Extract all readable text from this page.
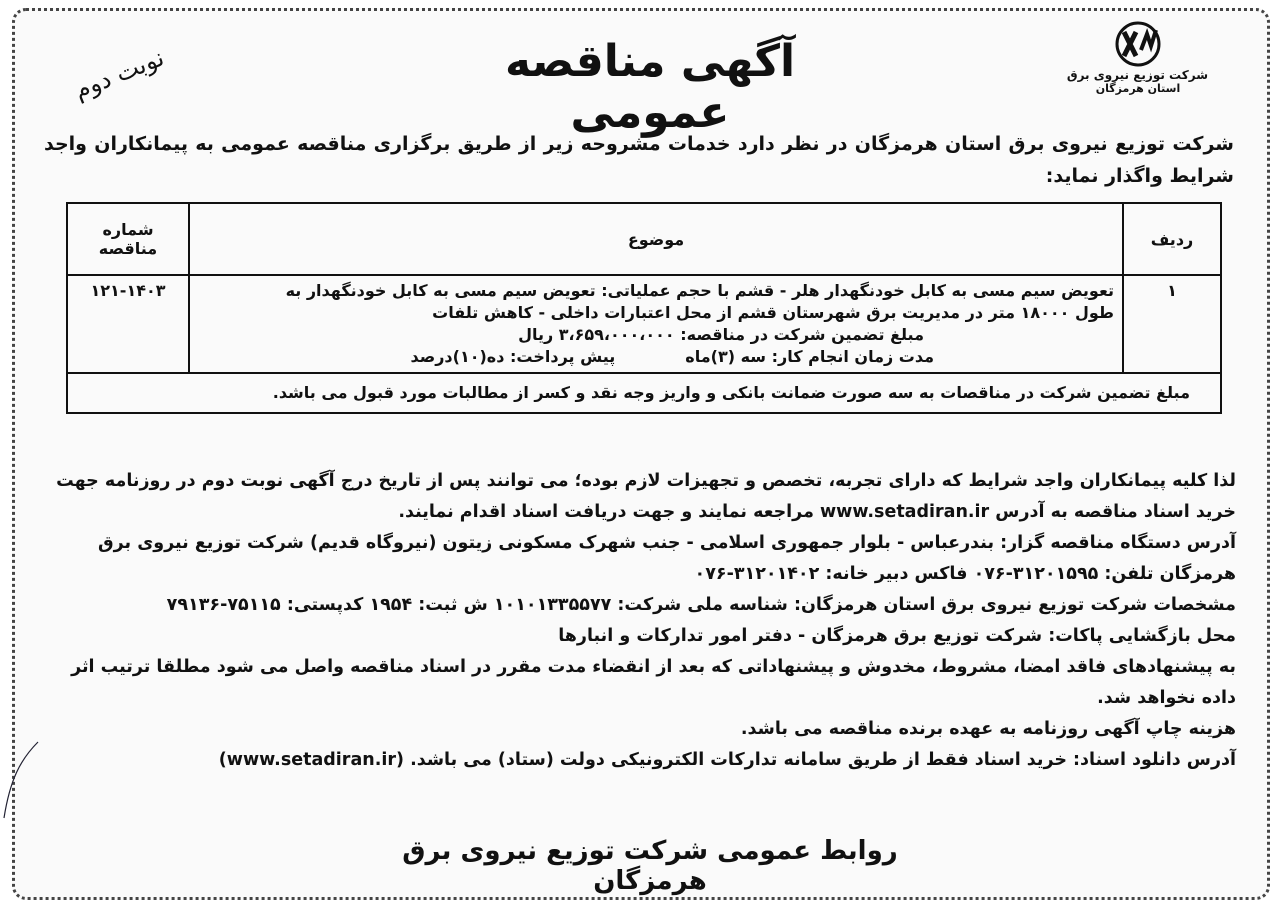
شرکت توزیع نیروی برق
استان هرمزگان
آگهی مناقصه عمومی
نوبت دوم
شرکت توزیع نیروی برق استان هرمزگان در نظر دارد خدمات مشروحه زیر از طریق برگزاری مناقصه عمومی به پیمانکاران واجد شرایط واگذار نماید:
ردیف	موضوع	شماره مناقصه
۱	تعویض سیم مسی به کابل خودنگهدار هلر - قشم با حجم عملیاتی: تعویض سیم مسی به کابل خودنگهدار به
طول ۱۸۰۰۰ متر در مدیریت برق شهرستان قشم از محل اعتبارات داخلی - کاهش تلفات
مبلغ تضمین شرکت در مناقصه: ۳،۶۵۹،۰۰۰،۰۰۰ ریال
مدت زمان انجام کار: سه (۳)ماه
پیش پرداخت: ده(۱۰)درصد	۱۲۱-۱۴۰۳
مبلغ تضمین شرکت در مناقصات به سه صورت ضمانت بانکی و واریز وجه نقد و کسر از مطالبات مورد قبول می باشد.		

لذا کلیه پیمانکاران واجد شرایط که دارای تجربه، تخصص و تجهیزات لازم بوده؛ می توانند پس از تاریخ درج آگهی نوبت دوم در روزنامه جهت خرید اسناد مناقصه به آدرس www.setadiran.ir مراجعه نمایند و جهت دریافت اسناد اقدام نمایند.

آدرس دستگاه مناقصه گزار: بندرعباس - بلوار جمهوری اسلامی - جنب شهرک مسکونی زیتون (نیروگاه قدیم) شرکت توزیع نیروی برق هرمزگان تلفن: ۳۱۲۰۱۵۹۵-۰۷۶ فاکس دبیر خانه: ۳۱۲۰۱۴۰۲-۰۷۶

مشخصات شرکت توزیع نیروی برق استان هرمزگان: شناسه ملی شرکت: ۱۰۱۰۱۳۳۵۵۷۷ ش ثبت: ۱۹۵۴ کدپستی: ۷۵۱۱۵-۷۹۱۳۶

محل بازگشایی پاکات: شرکت توزیع برق هرمزگان - دفتر امور تدارکات و انبارها

به پیشنهادهای فاقد امضا، مشروط، مخدوش و پیشنهاداتی که بعد از انقضاء مدت مقرر در اسناد مناقصه واصل می شود مطلقا ترتیب اثر داده نخواهد شد.

هزینه چاپ آگهی روزنامه به عهده برنده مناقصه می باشد.

آدرس دانلود اسناد: خرید اسناد فقط از طریق سامانه تدارکات الکترونیکی دولت (ستاد) می باشد. (www.setadiran.ir)

روابط عمومی شرکت توزیع نیروی برق هرمزگان
